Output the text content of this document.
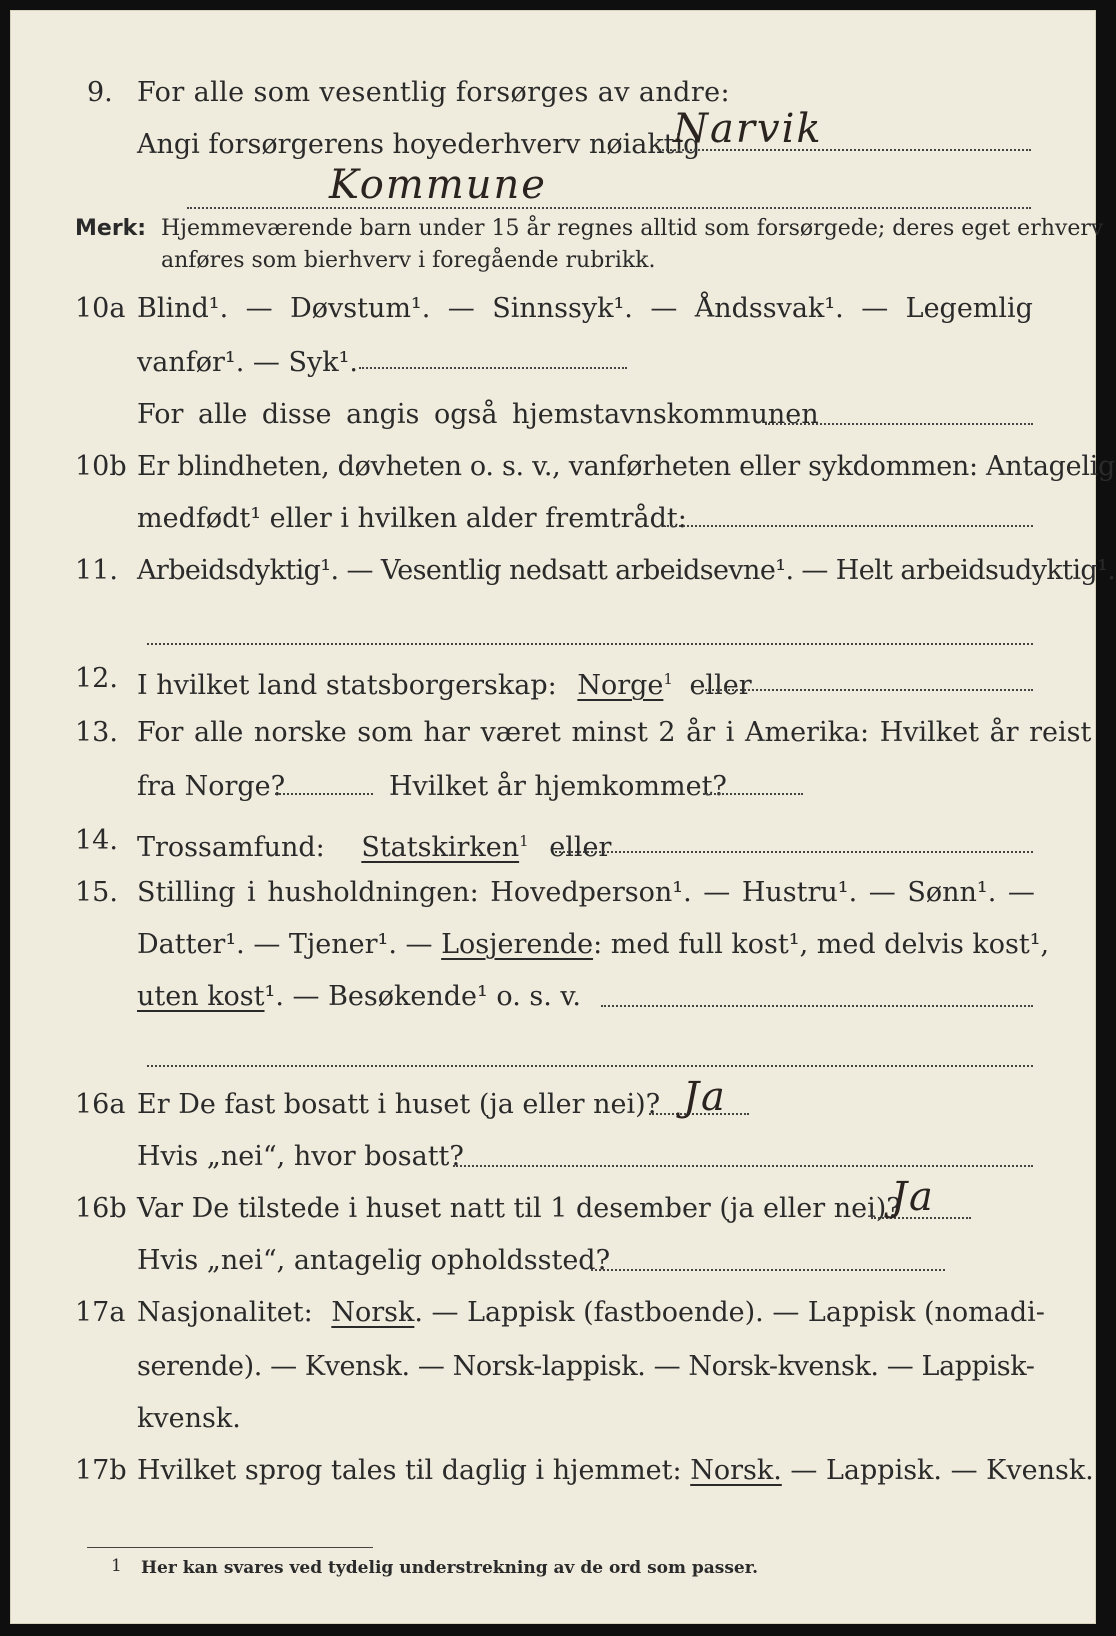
9. For alle som vesentlig forsørges av andre:
Angi forsørgerens hoyederhverv nøiaktig
Narvik
Kommune
Merk: Hjemmeværende barn under 15 år regnes alltid som forsørgede; deres eget erhverv
anføres som bierhverv i foregående rubrikk.
10a Blind¹. — Døvstum¹. — Sinnssyk¹. — Åndssvak¹. — Legemlig
vanfør¹. — Syk¹.
For alle disse angis også hjemstavnskommunen
10b Er blindheten, døvheten o. s. v., vanførheten eller sykdommen: Antagelig
medfødt¹ eller i hvilken alder fremtrådt:
11. Arbeidsdyktig¹. — Vesentlig nedsatt arbeidsevne¹. — Helt arbeidsudyktig¹.
12. I hvilket land statsborgerskap: Norge$^1$ eller
13. For alle norske som har været minst 2 år i Amerika: Hvilket år reist
fra Norge?	Hvilket år hjemkommet?
14. Trossamfund: Statskirken$^1$ eller
15. Stilling i husholdningen: Hovedperson¹. — Hustru¹. — Sønn¹. —
Datter¹. — Tjener¹. — Losjerende: med full kost¹, med delvis kost¹,
uten kost¹. — Besøkende¹ o. s. v.
16a Er De fast bosatt i huset (ja eller nei)? Ja
Hvis „nei“, hvor bosatt?
16b Var De tilstede i huset natt til 1 desember (ja eller nei)?
Ja
Hvis „nei“, antagelig opholdssted?
17a Nasjonalitet: Norsk. — Lappisk (fastboende). — Lappisk (nomadi-
serende). — Kvensk. — Norsk-lappisk. — Norsk-kvensk. — Lappisk-
kvensk.
17b Hvilket sprog tales til daglig i hjemmet: Norsk. — Lappisk. — Kvensk.
1 Her kan svares ved tydelig understrekning av de ord som passer.
